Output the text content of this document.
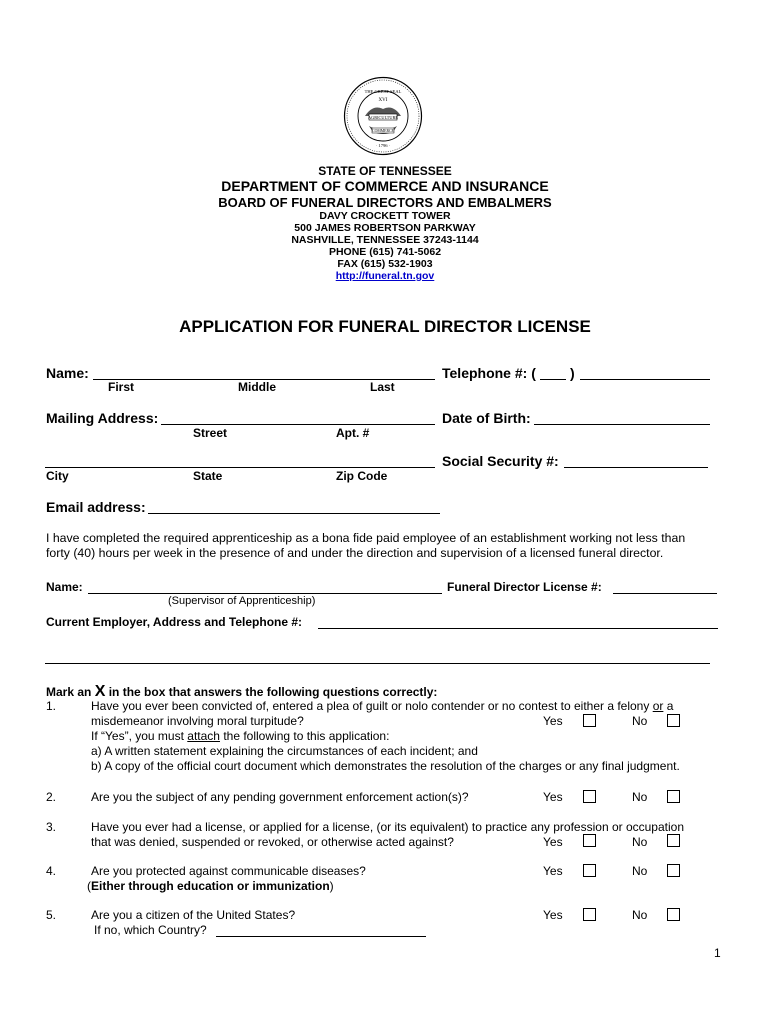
THE GREAT SEAL
XVI
AGRICULTURE
COMMERCE
· 1796 ·
STATE OF TENNESSEE
DEPARTMENT OF COMMERCE AND INSURANCE
BOARD OF FUNERAL DIRECTORS AND EMBALMERS
DAVY CROCKETT TOWER
500 JAMES ROBERTSON PARKWAY
NASHVILLE, TENNESSEE 37243-1144
PHONE (615) 741-5062
FAX (615) 532-1903
http://funeral.tn.gov
APPLICATION FOR FUNERAL DIRECTOR LICENSE
Name:	Telephone #: ( )
First	Middle	Last
Mailing Address:	Date of Birth:
Street	Apt. #
Social Security #:
City	State	Zip Code
Email address:
I have completed the required apprenticeship as a bona fide paid employee of an establishment working not less than
forty (40) hours per week in the presence of and under the direction and supervision of a licensed funeral director.
Name:	Funeral Director License #:
(Supervisor of Apprenticeship)
Current Employer, Address and Telephone #:
Mark an X in the box that answers the following questions correctly:
1.	Have you ever been convicted of, entered a plea of guilt or nolo contender or no contest to either a felony or a
misdemeanor involving moral turpitude?	Yes	No
If “Yes”, you must attach the following to this application:
a) A written statement explaining the circumstances of each incident; and
b) A copy of the official court document which demonstrates the resolution of the charges or any final judgment.
2.	Are you the subject of any pending government enforcement action(s)?	Yes	No
3.	Have you ever had a license, or applied for a license, (or its equivalent) to practice any profession or occupation
that was denied, suspended or revoked, or otherwise acted against?	Yes	No
4.	Are you protected against communicable diseases?	Yes	No
(Either through education or immunization)
5.	Are you a citizen of the United States?	Yes	No
If no, which Country?
1
